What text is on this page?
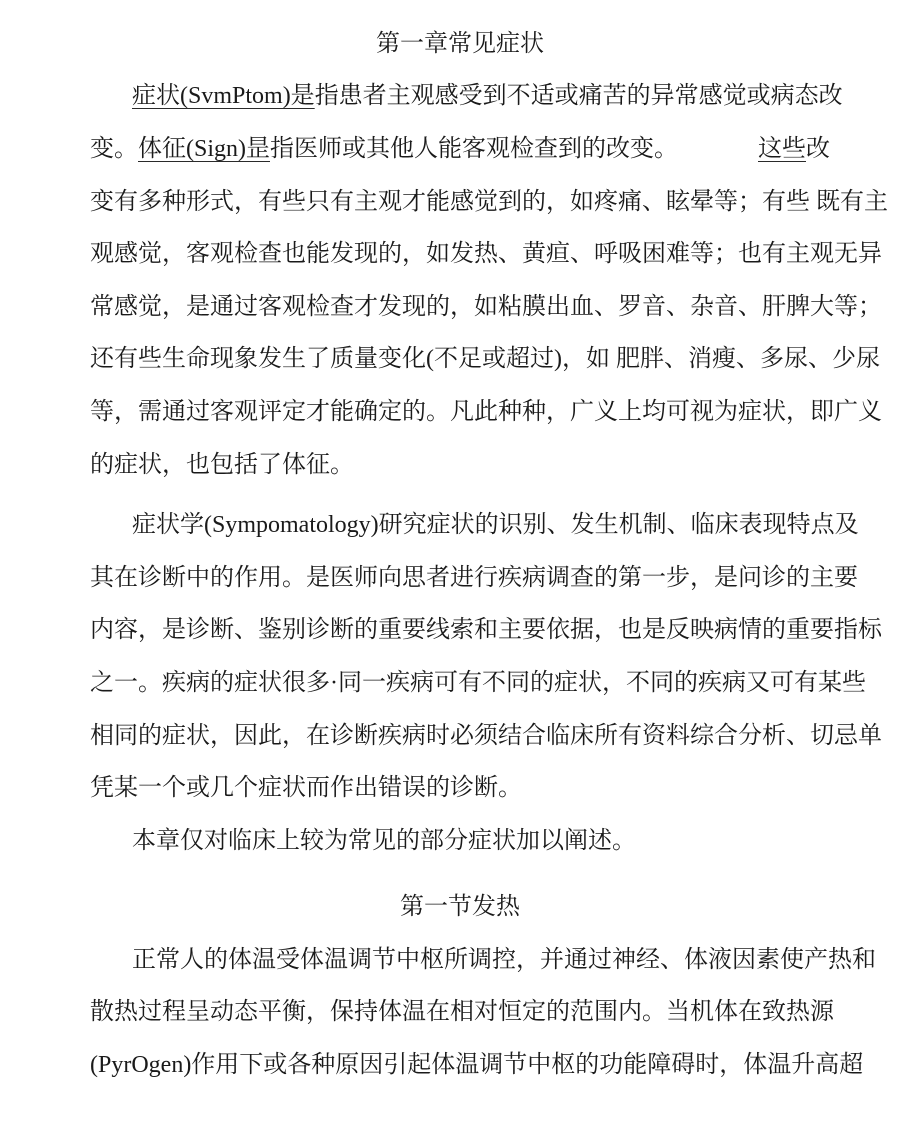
第一章常见症状
症状(SvmPtom)是 指患者主观感受到不适或痛苦的异常感觉或病态改
变。 体征(Sign)昰 指医师或其他人能客观检查到的改变。	这些 改
变有多种形式，有些只有主观才能感觉到的，如疼痛、眩晕等；有些 既有主
观感觉，客观检查也能发现的，如发热、黄疸、呼吸困难等；也有主观无异
常感觉，是通过客观检查才发现的，如粘膜出血、罗音、杂音、肝脾大等；
还有些生命现象发生了质量变化(不足或超过)，如 肥胖、消瘦、多尿、少尿
等，需通过客观评定才能确定的。凡此种种，广义上均可视为症状，即广义
的症状，也包括了体征。
症状学(Sympomatology)研究症状的识别、发生机制、临床表现特点及
其在诊断中的作用。是医师向思者进行疾病调查的第一步，是问诊的主要
内容，是诊断、鉴别诊断的重要线索和主要依据，也是反映病情的重要指标
之一。疾病的症状很多·同一疾病可有不同的症状，不同的疾病又可有某些
相同的症状，因此，在诊断疾病时必须结合临床所有资料综合分析、切忌单
凭某一个或几个症状而作出错误的诊断。
本章仅对临床上较为常见的部分症状加以阐述。
第一节发热
正常人的体温受体温调节中枢所调控，并通过神经、体液因素使产热和
散热过程呈动态平衡，保持体温在相对恒定的范围内。当机体在致热源
(PyrOgen)作用下或各种原因引起体温调节中枢的功能障碍时，体温升高超
